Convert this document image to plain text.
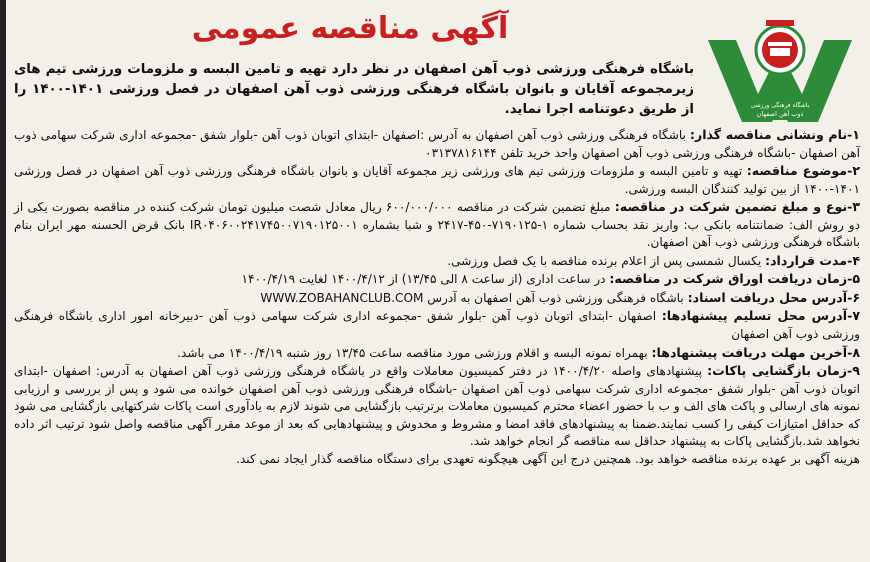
آگهی مناقصه عمومی
باشگاه فرهنگی ورزشی
ذوب آهن اصفهان
باشگاه فرهنگی ورزشی ذوب آهن اصفهان در نظر دارد تهیه و تامین البسه و ملزومات ورزشی تیم های زیرمجموعه آقایان و بانوان باشگاه فرهنگی ورزشی ذوب آهن اصفهان در فصل ورزشی ۱۴۰۱-۱۴۰۰ را از طریق دعوتنامه اجرا نماید.

۱-نام ونشانی مناقصه گذار: باشگاه فرهنگی ورزشی ذوب آهن اصفهان به آدرس :اصفهان -ابتدای اتوبان ذوب آهن -بلوار شفق -مجموعه اداری شرکت سهامی ذوب آهن اصفهان -باشگاه فرهنگی ورزشی ذوب آهن اصفهان واحد خرید تلفن ۰۳۱۳۷۸۱۶۱۴۴

۲-موضوع مناقصه: تهیه و تامین البسه و ملزومات ورزشی تیم های ورزشی زیر مجموعه آقایان و بانوان باشگاه فرهنگی ورزشی ذوب آهن اصفهان در فصل ورزشی ۱۴۰۱-۱۴۰۰ از بین تولید کنندگان البسه ورزشی.

۳-نوع و مبلغ تضمین شرکت در مناقصه: مبلغ تضمین شرکت در مناقصه ۶۰۰/۰۰۰/۰۰۰ ریال معادل شصت میلیون تومان شرکت کننده در مناقصه بصورت یکی از دو روش الف: ضمانتنامه بانکی ب: واریز نقد بحساب شماره ۱-۷۱۹۰۱۲۵-۴۵۰-۲۴۱۷ و شبا بشماره IR۰۴۰۶۰۰۲۴۱۷۴۵۰۰۷۱۹۰۱۲۵۰۰۱ بانک قرض الحسنه مهر ایران بنام باشگاه فرهنگی ورزشی ذوب آهن اصفهان.

۴-مدت قرارداد: یکسال شمسی پس از اعلام برنده مناقصه با یک فصل ورزشی.

۵-زمان دریافت اوراق شرکت در مناقصه: در ساعت اداری (از ساعت ۸ الی ۱۳/۴۵) از ۱۴۰۰/۴/۱۲ لغایت ۱۴۰۰/۴/۱۹

۶-آدرس محل دریافت اسناد: باشگاه فرهنگی ورزشی ذوب آهن اصفهان به آدرس WWW.ZOBAHANCLUB.COM

۷-آدرس محل تسلیم پیشنهادها: اصفهان -ابتدای اتوبان ذوب آهن -بلوار شفق -مجموعه اداری شرکت سهامی ذوب آهن -دبیرخانه امور اداری باشگاه فرهنگی ورزشی ذوب آهن اصفهان

۸-آخرین مهلت دریافت پیشنهادها: بهمراه نمونه البسه و اقلام ورزشی مورد مناقصه ساعت ۱۳/۴۵ روز شنبه ۱۴۰۰/۴/۱۹ می باشد.

۹-زمان بازگشایی پاکات: پیشنهادهای واصله ۱۴۰۰/۴/۲۰ در دفتر کمیسیون معاملات واقع در باشگاه فرهنگی ورزشی ذوب آهن اصفهان به آدرس: اصفهان -ابتدای اتوبان ذوب آهن -بلوار شفق -مجموعه اداری شرکت سهامی ذوب آهن اصفهان -باشگاه فرهنگی ورزشی ذوب آهن اصفهان خوانده می شود و پس از بررسی و ارزیابی نمونه های ارسالی و پاکت های الف و ب با حضور اعضاء محترم کمیسیون معاملات برترتیب بازگشایی می شوند لازم به یادآوری است پاکات شرکتهایی بازگشایی می شود که حداقل امتیازات کیفی را کسب نمایند.ضمنا به پیشنهادهای فاقد امضا و مشروط و مخدوش و پیشنهادهایی که بعد از موعد مقرر آگهی مناقصه واصل شود ترتیب اثر داده نخواهد شد.بازگشایی پاکات به پیشنهاد حداقل سه مناقصه گر انجام خواهد شد.

هزینه آگهی بر عهده برنده مناقصه خواهد بود. همچنین درج این آگهی هیچگونه تعهدی برای دستگاه مناقصه گذار ایجاد نمی کند.
